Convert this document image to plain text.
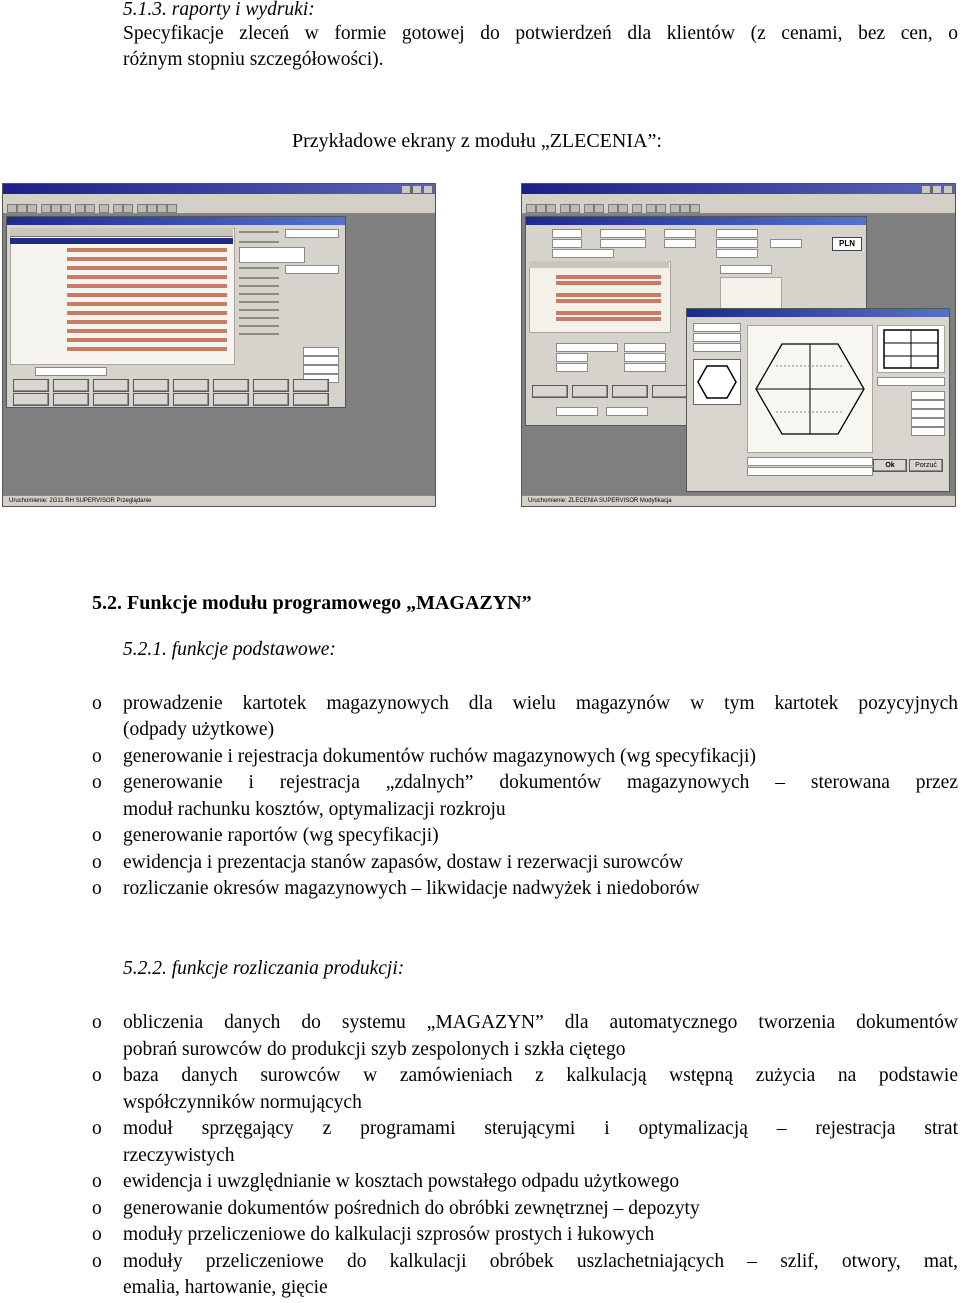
5.1.3. raporty i wydruki:
Specyfikacje zleceń w formie gotowej do potwierdzeń dla klientów (z cenami, bez cen, o
różnym stopniu szczegółowości).
Przykładowe ekrany z modułu „ZLECENIA”:
Uruchomienie: 2G11 RH SUPERVISOR Przeglądanie
PLN
Ok	Porzuć
Uruchomienie: ZLECENIA SUPERVISOR Modyfikacja
5.2. Funkcje modułu programowego „MAGAZYN”
5.2.1. funkcje podstawowe:
o prowadzenie kartotek magazynowych dla wielu magazynów w tym kartotek pozycyjnych
(odpady użytkowe)
o generowanie i rejestracja dokumentów ruchów magazynowych (wg specyfikacji)
o generowanie i rejestracja „zdalnych” dokumentów magazynowych – sterowana przez
moduł rachunku kosztów, optymalizacji rozkroju
o generowanie raportów (wg specyfikacji)
o ewidencja i prezentacja stanów zapasów, dostaw i rezerwacji surowców
o rozliczanie okresów magazynowych – likwidacje nadwyżek i niedoborów
5.2.2. funkcje rozliczania produkcji:
o obliczenia danych do systemu „MAGAZYN” dla automatycznego tworzenia dokumentów
pobrań surowców do produkcji szyb zespolonych i szkła ciętego
o baza danych surowców w zamówieniach z kalkulacją wstępną zużycia na podstawie
współczynników normujących
o moduł sprzęgający z programami sterującymi i optymalizacją – rejestracja strat
rzeczywistych
o ewidencja i uwzględnianie w kosztach powstałego odpadu użytkowego
o generowanie dokumentów pośrednich do obróbki zewnętrznej – depozyty
o moduły przeliczeniowe do kalkulacji szprosów prostych i łukowych
o moduły przeliczeniowe do kalkulacji obróbek uszlachetniających – szlif, otwory, mat,
emalia, hartowanie, gięcie
